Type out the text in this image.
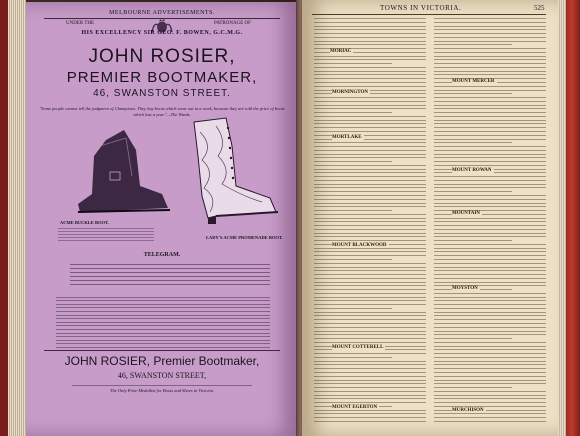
MELBOURNE ADVERTISEMENTS.
UNDER THE	PATRONAGE OF
HIS EXCELLENCY SIR GEO. F. BOWEN, G.C.M.G.
JOHN ROSIER,
PREMIER BOOTMAKER,
46, SWANSTON STREET.
"Some people cannot tell the judgment of Champions. They buy boots which wear out in a week, because they are told the price of boots which last a year."—The Wards.
ACME BUCKLE BOOT.
LADY'S ACME PROMENADE BOOT.
TELEGRAM.
JOHN ROSIER, Premier Bootmaker,
46, SWANSTON STREET,
The Only Prize Medallist for Boots and Shoes in Victoria.
TOWNS IN VICTORIA.	525
MORIAC
MORNINGTON
MORTLAKE
MOUNT BLACKWOOD
MOUNT COTTERELL
MOUNT EGERTON
MOUNT MERCER
MOUNT ROWAN
MOUNTAIN
MOYSTON
MURCHISON
